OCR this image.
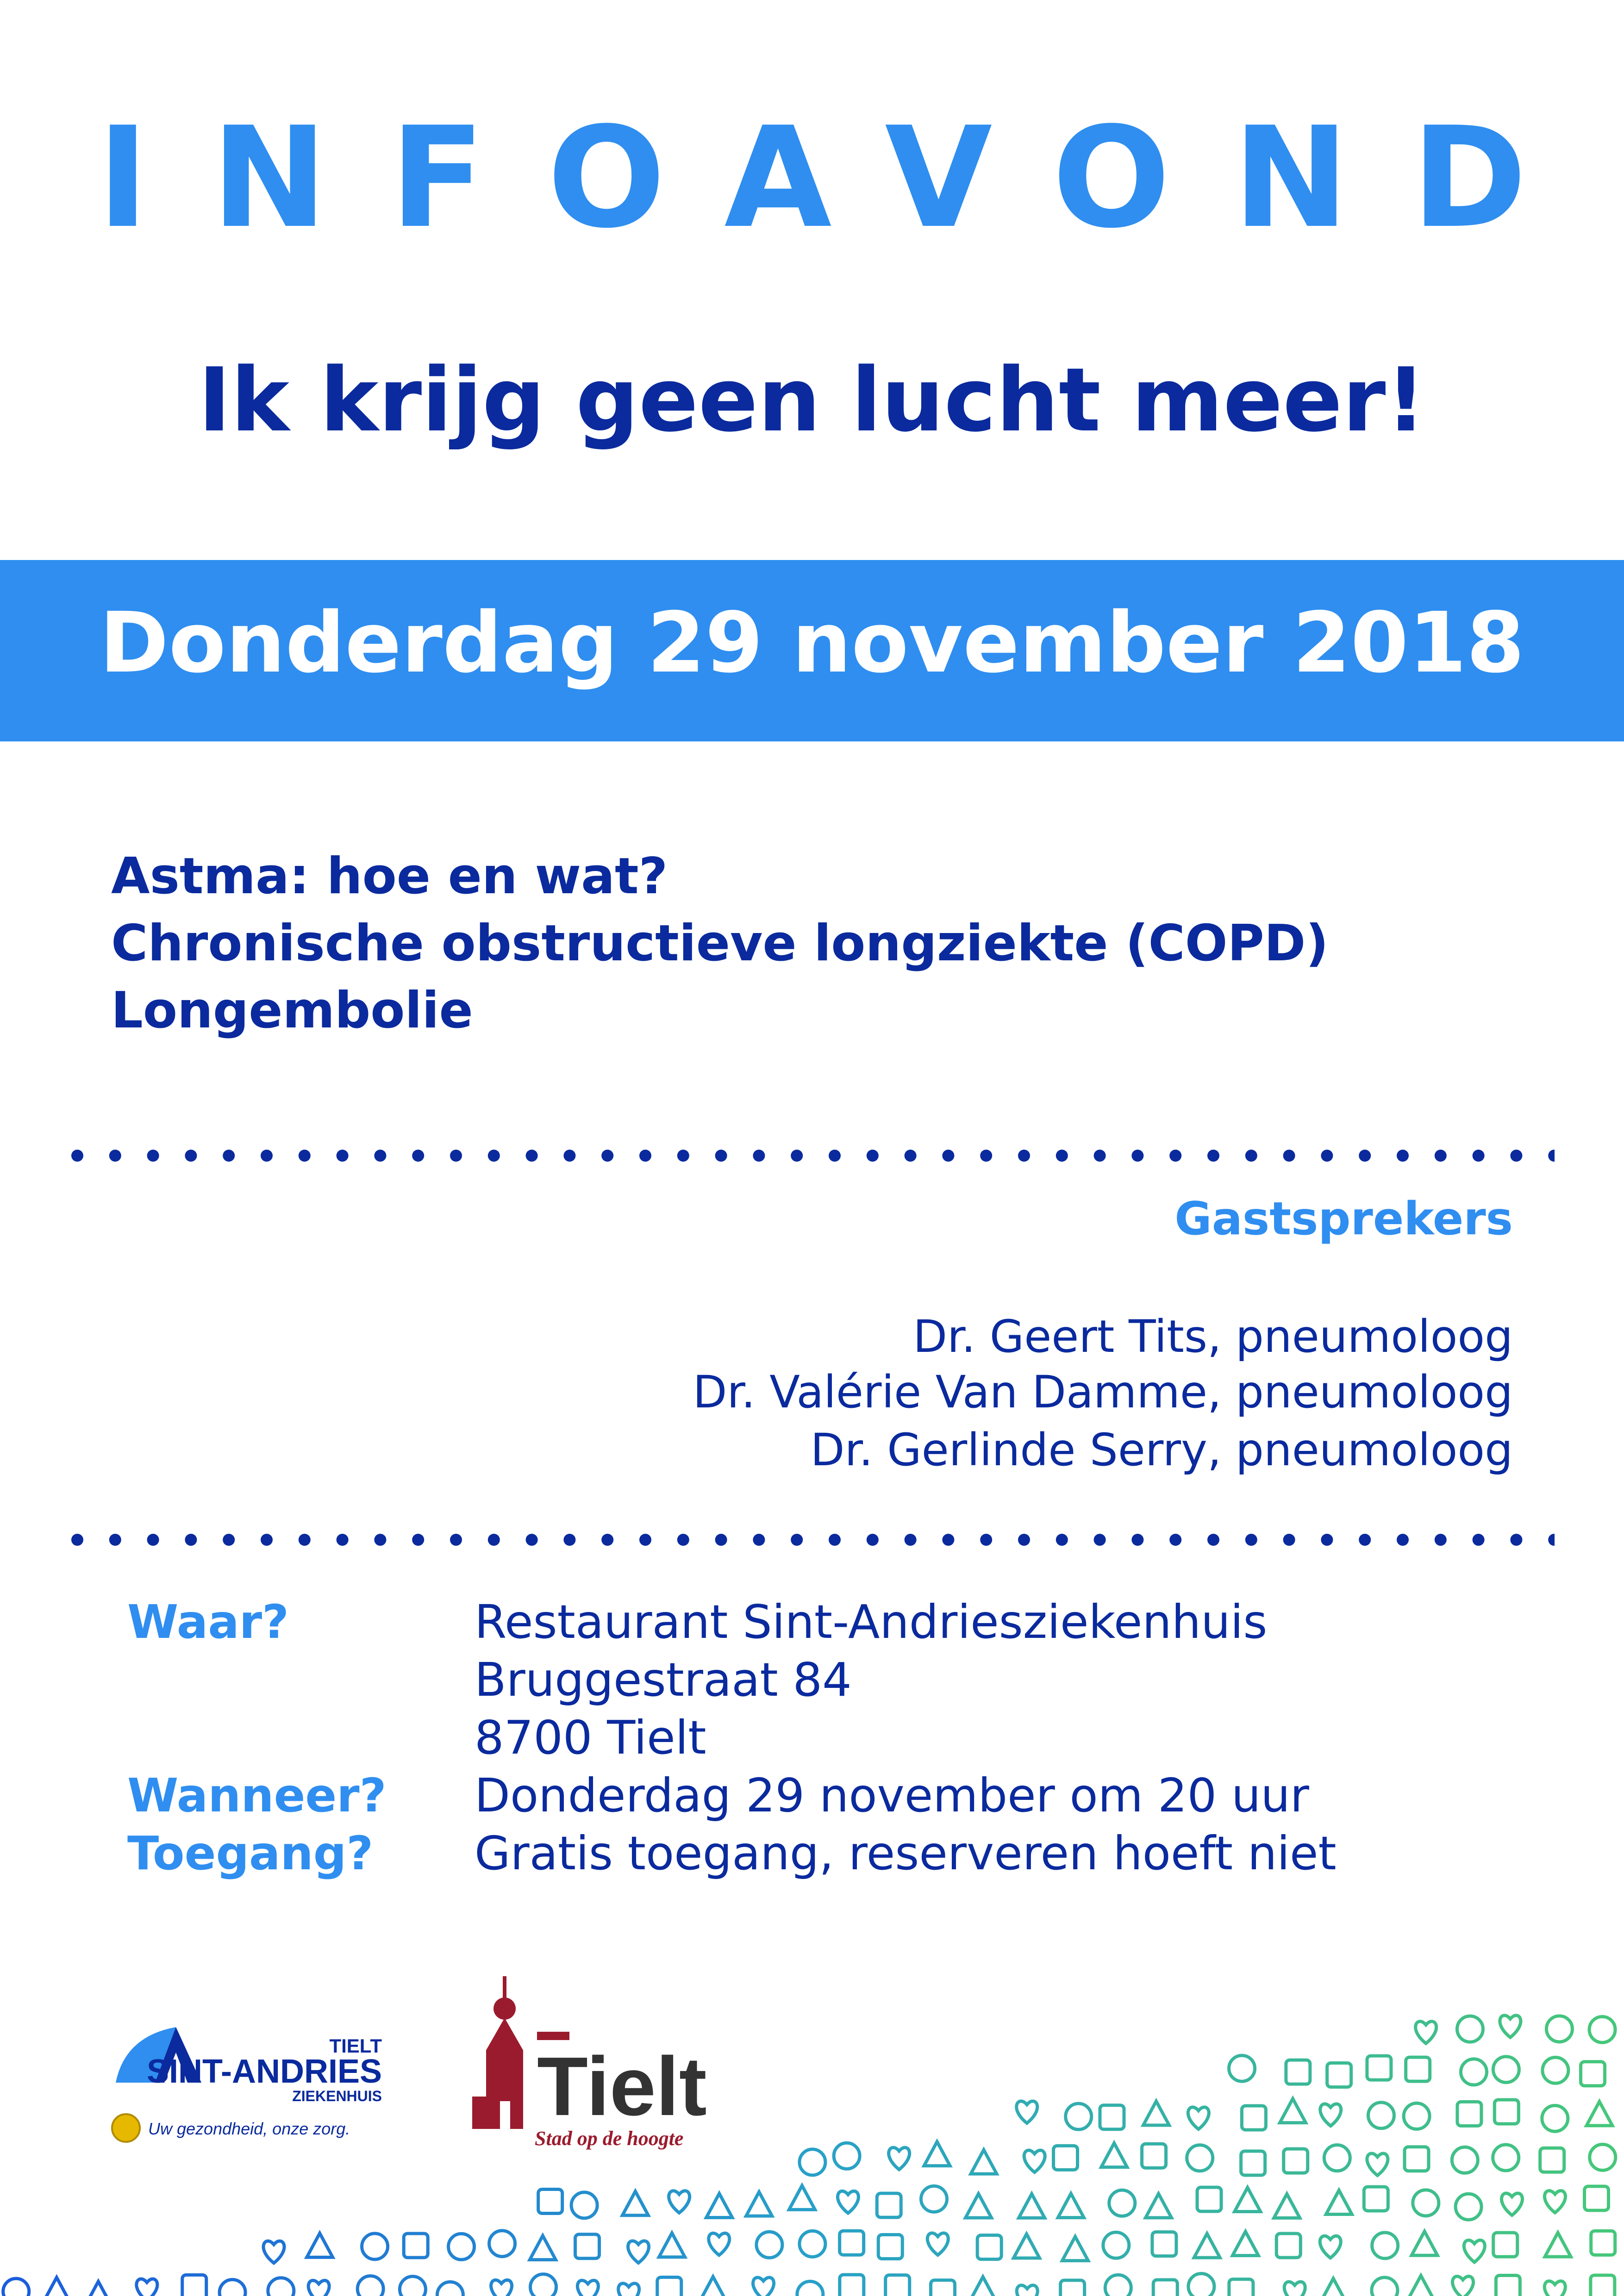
INFOAVOND
Ik krijg geen lucht meer!
Donderdag 29 november 2018
Astma: hoe en wat?
Chronische obstructieve longziekte (COPD)
Longembolie
Gastsprekers
Dr. Geert Tits, pneumoloog
Dr. Valérie Van Damme, pneumoloog
Dr. Gerlinde Serry, pneumoloog
Waar?	Restaurant Sint-Andriesziekenhuis
Bruggestraat 84
8700 Tielt
Wanneer? Donderdag 29 november om 20 uur
Toegang? Gratis toegang, reserveren hoeft niet
TIELT
SINT-ANDRIES
ZIEKENHUIS
Uw gezondheid, onze zorg. Tielt
Stad op de hoogte
